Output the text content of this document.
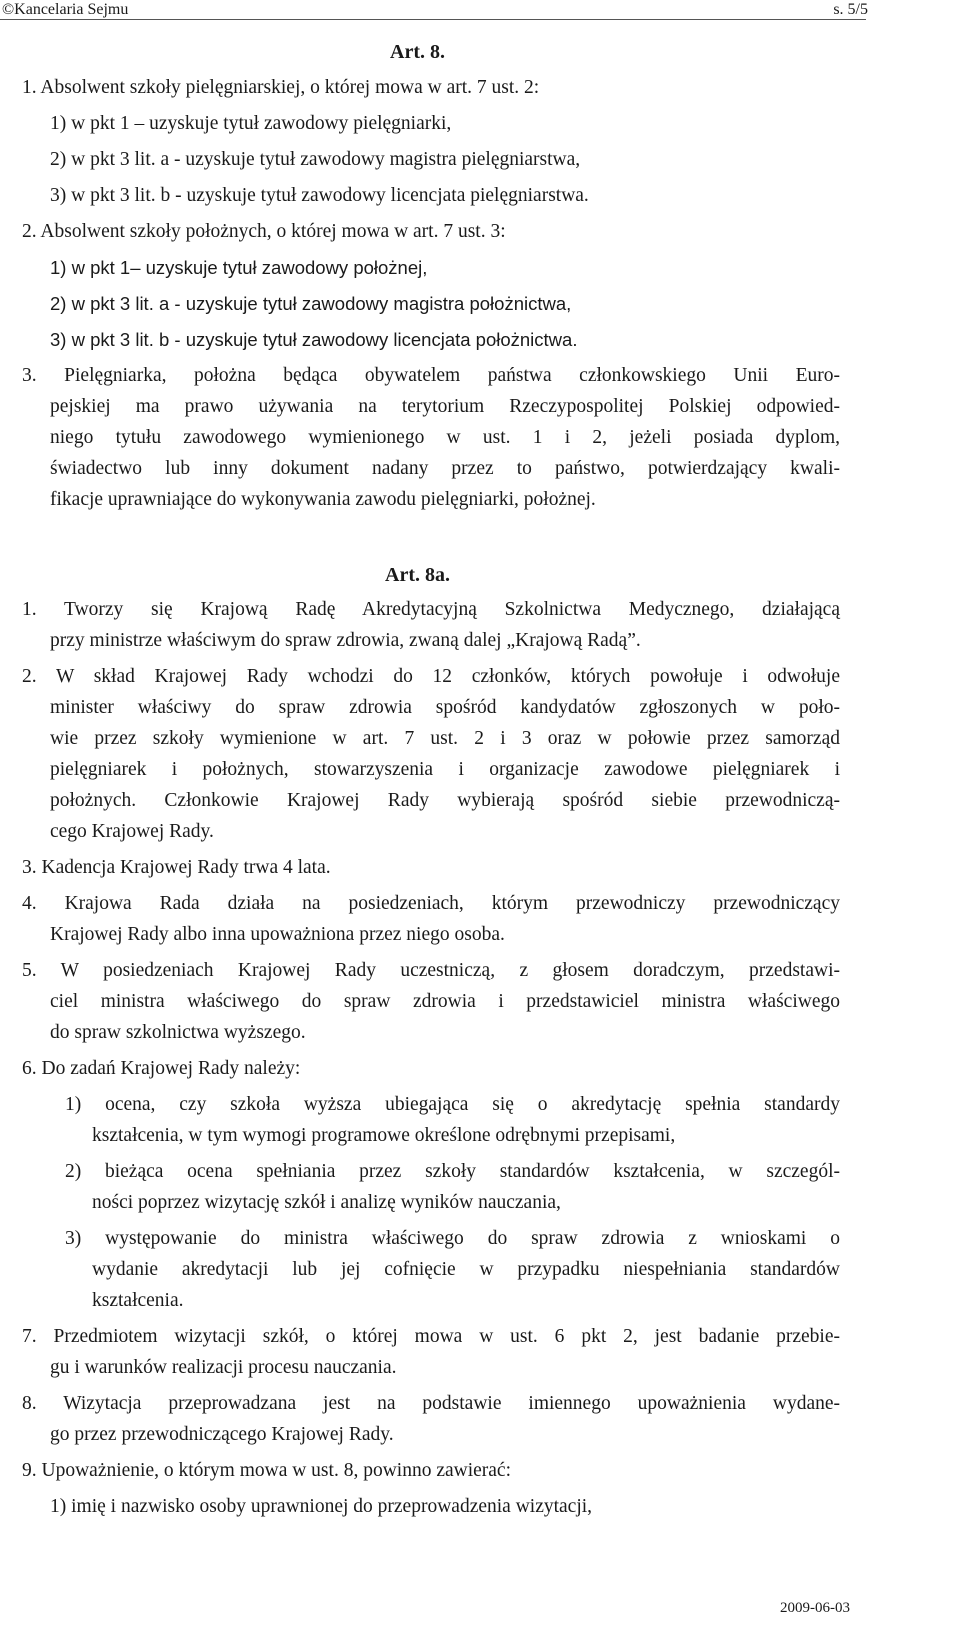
©Kancelaria Sejmu	s. 5/5
Art. 8.
1. Absolwent szkoły pielęgniarskiej, o której mowa w art. 7 ust. 2:
1) w pkt 1 – uzyskuje tytuł zawodowy pielęgniarki,
2) w pkt 3 lit. a - uzyskuje tytuł zawodowy magistra pielęgniarstwa,
3) w pkt 3 lit. b - uzyskuje tytuł zawodowy licencjata pielęgniarstwa.
2. Absolwent szkoły położnych, o której mowa w art. 7 ust. 3:
1) w pkt 1– uzyskuje tytuł zawodowy położnej,
2) w pkt 3 lit. a - uzyskuje tytuł zawodowy magistra położnictwa,
3) w pkt 3 lit. b - uzyskuje tytuł zawodowy licencjata położnictwa.
3. Pielęgniarka, położna będąca obywatelem państwa członkowskiego Unii Euro-
pejskiej ma prawo używania na terytorium Rzeczypospolitej Polskiej odpowied-
niego tytułu zawodowego wymienionego w ust. 1 i 2, jeżeli posiada dyplom,
świadectwo lub inny dokument nadany przez to państwo, potwierdzający kwali-
fikacje uprawniające do wykonywania zawodu pielęgniarki, położnej.
Art. 8a.
1. Tworzy się Krajową Radę Akredytacyjną Szkolnictwa Medycznego, działającą
przy ministrze właściwym do spraw zdrowia, zwaną dalej „Krajową Radą”.
2. W skład Krajowej Rady wchodzi do 12 członków, których powołuje i odwołuje
minister właściwy do spraw zdrowia spośród kandydatów zgłoszonych w poło-
wie przez szkoły wymienione w art. 7 ust. 2 i 3 oraz w połowie przez samorząd
pielęgniarek i położnych, stowarzyszenia i organizacje zawodowe pielęgniarek i
położnych. Członkowie Krajowej Rady wybierają spośród siebie przewodniczą-
cego Krajowej Rady.
3. Kadencja Krajowej Rady trwa 4 lata.
4. Krajowa Rada działa na posiedzeniach, którym przewodniczy przewodniczący
Krajowej Rady albo inna upoważniona przez niego osoba.
5. W posiedzeniach Krajowej Rady uczestniczą, z głosem doradczym, przedstawi-
ciel ministra właściwego do spraw zdrowia i przedstawiciel ministra właściwego
do spraw szkolnictwa wyższego.
6. Do zadań Krajowej Rady należy:
1) ocena, czy szkoła wyższa ubiegająca się o akredytację spełnia standardy
kształcenia, w tym wymogi programowe określone odrębnymi przepisami,
2) bieżąca ocena spełniania przez szkoły standardów kształcenia, w szczegól-
ności poprzez wizytację szkół i analizę wyników nauczania,
3) występowanie do ministra właściwego do spraw zdrowia z wnioskami o
wydanie akredytacji lub jej cofnięcie w przypadku niespełniania standardów
kształcenia.
7. Przedmiotem wizytacji szkół, o której mowa w ust. 6 pkt 2, jest badanie przebie-
gu i warunków realizacji procesu nauczania.
8. Wizytacja przeprowadzana jest na podstawie imiennego upoważnienia wydane-
go przez przewodniczącego Krajowej Rady.
9. Upoważnienie, o którym mowa w ust. 8, powinno zawierać:
1) imię i nazwisko osoby uprawnionej do przeprowadzenia wizytacji,
2009-06-03
